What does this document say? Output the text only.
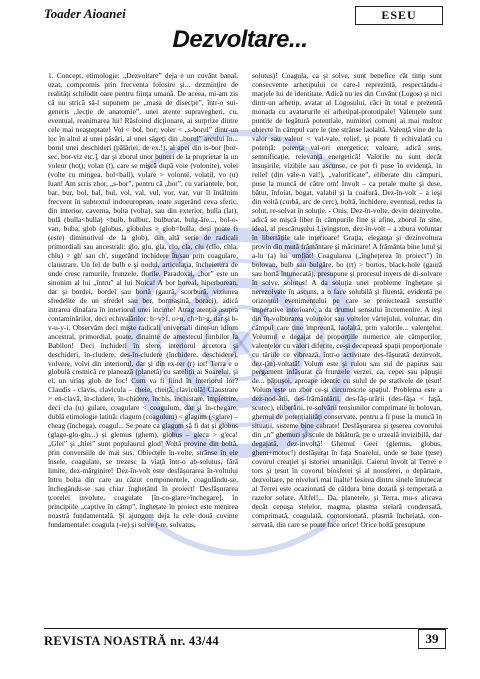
Toader Aioanei	ESEU
Dezvoltare...

1. Concept, etimologie: „Dezvoltare” deja e un cuvânt banal, uzat, compromis prin frecventa folosire şi... dezminţire de realităţi schilodit oare pentru fiinţa umană. De aceea, mi-am zis că nu strică să-l supunem pe „masa de disecţie”, într-o sui-generis „lecţie de anatomie”, unei atente supravegheri, cu, eventual, reanimarea lui! Răsfoind dicţionare, ai surprize dintre cele mai neaşteptate! Vol < bol, bor; voler < „s-borul” dintr-un loc în altul al unei păsări, al unei săgeţi din „borul” arcului în... borul unei deschideri (pălăriei, de ex.!), al apei din is-bor [bor-sec, bor-viz etc.], dar şi zborul unor bunuri de la proprietar la un voleur (hoţ); volan (t), care se mişcă după voie (voloníte), volei (volte cu mingea, bol<ball), volare > volonté, volatil, vo (u) luan! Am scris zbor, „s-bor”, pentru că „bor”, cu variantele, bor, bar, bur, bol, bal, bul, vol, val, vul, vor, var, vur îl întâlnim frecvent în subtextul indoeuropean, toate sugerând ceva sferic, din interior, caverna, bolta (volta), sau din exterior, bulla (lat), bulă (bulla<bulla) <bulb, bulbuc, bulbucat, bulg-ăre..., bol-o-van, buba, glob (globus, globulus > glob=bulla, deşi poate fi (este) diminutivul de la glob), din altă serie de radicali primordiali sau ancestrali: glo, glu, gla, clo, cla, clu (cllo, chla, chlu) > gh' sau ch', sugerând închidere în/sau prin coagulare, claustrare. Un fel de bulb e şi nodul, articulaţia, încheietura de unde cresc ramurile, frunzele, florile. Paradoxal, „bor” este un sinonim al lui „întru” al lui Noica! A bor boreal, hiperborean, dar şi bordei, bordel sau bortă (gaură, scorbură, viziunea sfredelite de un sfredel sau bor, bormaşină, boraci), adică intrarea dinafara în interiorul unei incinte! Atrag atenţia asupra contaminărilor, deci echivalărilor: b>v>f, o>u, ch>h>g, dar şi b-v-u-y-i. Observăm deci mişte radicali universali dintr-un idiom ancestral, primordial, poate, dinainte de amestecul limbilor la Babilon! Deci închideri în sfere, interiorul accetora şi deschideri, în-cludere, des-în-cludere (închidere, deschidere), volvere, volvi din interiorul, dar şi din ex-ter (r) ior! Terra e o globulă cosmică ce planează (planetă) cu sateliţii ai Soarelui, şi el, un uriaş glob de foc! Cum va fi fiind în interiorul lor? Claudis - clavis, clavicula – cheie, cheiţă, claviculă! Claustrare > en-clavă, în-cludere, în-chidere, închis, închistare, împietrire, deci cla (u) gulare, coagulare < coagulum, dar şi în-chegare, dublă etimologie latină: clagum (coagulum) < glagum (<glare) – cheag (închega), coagul... Se poate ca glagum să fi dat şi globus (glage-glo-glu...) şi glemus (ghem), globus – gleca > g'eca! „Glei” şi „hlei” sunt populaurul glod! Voltă provine din boltă, prin conversiile de mai sus. Obiectele în-volte, strânse în ele însele, coagulate, se trezesc la viaţă într-o ab-solutus, fără limite, dez-mărginire! Dez-în-volt este desfăşurarea în-voltului întru bolta din care au căzut componentele, coagulându-se, închegându-se sau chiar înghețând în proiect! Desfăşurarea ţcorelei involute, coagulate [în-co-glare>închegare], în principiile „captive în cămp”, înghețate în proiect este menirea noastră fundamentală. Şi ajungem deja la cele două cuvinte fundamentale: coagula (-re) şi solve (-re, solvatus,

solutus)! Coagula, ca şi solve, sunt benefice cât timp sunt consecvente arhetipului ce care-l reprezintă, respectându-i marjele lui de identitate. Adică nu ies din Cuvânt (Logos) şi nici dintr-un arhetip, avatar al Logosului, căci în total e prezentă monada cu avatarurile ei arhetipal-prototipale! Valenţele sunt puntile de legătură potentiale, numitori comuni ai mai multor obiecte în câmpul care le ţine strânse laolaltă. Valenţă vine de la valor sau valeur < val-vale, relief, şi poate fi echivalată cu potenţă: potenţa val-ori energetice; valoare, adică sens, semnificaţie, relevanţă energetică! Valorile nu sunt decât însuşirile, vizibile sau ascunse, ce pot fi puse în evidenţă, în relief (din vale-n val!), „valorificate”, eliberate din câmpuri, puse la muncă de către om! Involt – ca petale multe şi dese, bătut, înfoiat, bogat, valabil şi la coafură. Dez-în-volt – a ieşi din voltă (curbă, arc de cerc), boltă, închidere, eventual, redus la solut, re-solvat în soluţie. - Onis. Dez-în-volte, devin dezinvolte, adică se mişcă liber în câmpurile fine şi afine, zborul în sine, ideal, al pescăruşului Livingston, dez-în-volt – a zbura voluntar în libertăţile tale interioare! Graţia, eleganţa şi dezinvoltura provin din mută frământare şi măcinare! A frământa bine lutul şi a-lu (a) lui umflat! Coagularea („înghețerea în proiect”) în bolovan, bulb sau bulgăre, bo (rt) > bortos, black-hole (gaură sau bortă întunecată), presupune şi procesul invers de di-solvare în solve, solutus! A da soluţia unei probleme înghețate şi nerezolvate în ascuns, a o face solubilă şi fluentă, evidentă pe orizontul evenimentului pe care se proiectează sensurile imperative interioare, a da drumul sensului încremenire. A ieşi din în-volburarea volutelor sau voltelor vârtejului, voluntar, din câmpul care ţine împreună, laolaltă, prin valorile... valenţelor. Volumul e degajat de proporţiile numerice ale câmpurilor, valenţelor cu valori diferite, ce-şi decupează spaţii proporţionale cu tăriile ce vibrează, într-o activitate des-făşurată dezinvolt, dez-(în)-voltată! Volum este şi rulou sau sul de papirus sau pergament înfăşurat ca frunzele verzei, ca, cepei sau păpuşii de... păpuşoi, aproape identic cu sulul de pe statlvele de ţesut! Volum este un zbor ce-şi circumscrie spaţiul. Problema este a dez-nod-ării, des-frământării, des-făş-urării (des-făşa < faşă, scutec), eliberării, re-solvării tensiunilor comprimate în bolovan, ghemul de potenţialităţi conservate, pentru a fi puse la muncă în situaţii, sisteme bine cabrate! Desfăşurarea şi ţeserea covorului din „n” ghemuri şi scule de bătătură, pe o urzeală invizibilă, dar degajată, dez-involtă! Ghemul Geei (glemus, globus, ghem+motoc!) desfăşurat în faţa Soarelui, unde se bate (ţese) covorul creaţiei şi istoriei umanităţii. Caierul învolt al Terrei e tors şi ţesut în covorul biosferei şi al noosferei, o depărtare, dezvoltare, pe niveluri mai înalte! Iesirea dintru sinele întunecat al Terrei este ocazionată de căldura bine dozată şi temperată a razelor solare. Altfel!... Da, planetele, şi Terra, mu-s alicava decât cenuşa stelelor, magma, plasma stelară condensată, comprimată, coagulată, contorsionată, plasmă încheiată, con-servată, din care se poate face orice! Orice boltă presupune

REVISTA NOASTRĂ nr. 43/44	39
